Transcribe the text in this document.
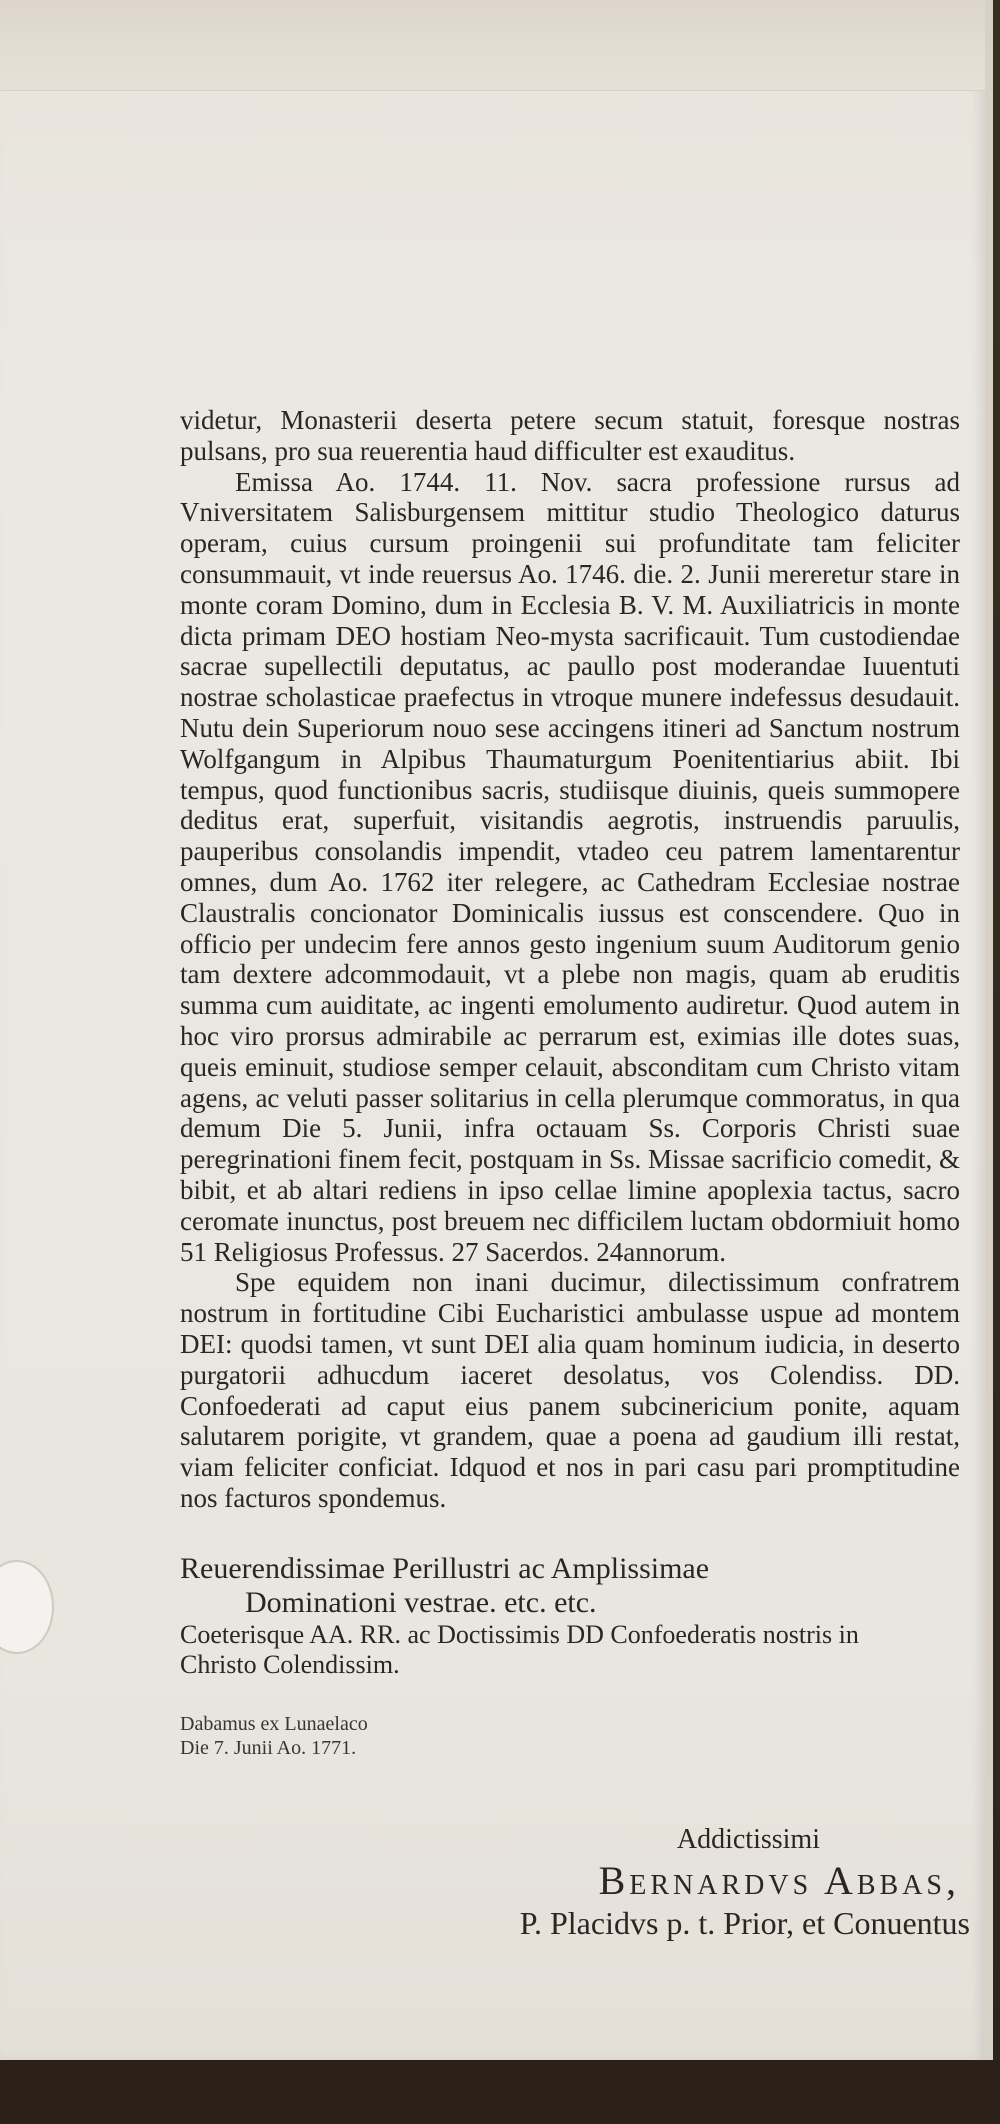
videtur, Monasterii deserta petere secum statuit, foresque nostras pulsans, pro sua reuerentia haud difficulter est exauditus.

Emissa Ao. 1744. 11. Nov. sacra professione rursus ad Vniversitatem Salisburgensem mittitur studio Theologico daturus operam, cuius cursum proingenii sui profunditate tam feliciter consummauit, vt inde reuersus Ao. 1746. die. 2. Junii mereretur stare in monte coram Domino, dum in Ecclesia B. V. M. Auxiliatricis in monte dicta primam DEO hostiam Neo-mysta sacrificauit. Tum custodiendae sacrae supellectili deputatus, ac paullo post moderandae Iuuentuti nostrae scholasticae praefectus in vtroque munere indefessus desudauit. Nutu dein Superiorum nouo sese accingens itineri ad Sanctum nostrum Wolfgangum in Alpibus Thaumaturgum Poenitentiarius abiit. Ibi tempus, quod functionibus sacris, studiisque diuinis, queis summopere deditus erat, superfuit, visitandis aegrotis, instruendis paruulis, pauperibus consolandis impendit, vtadeo ceu patrem lamentarentur omnes, dum Ao. 1762 iter relegere, ac Cathedram Ecclesiae nostrae Claustralis concionator Dominicalis iussus est conscendere. Quo in officio per undecim fere annos gesto ingenium suum Auditorum genio tam dextere adcommodauit, vt a plebe non magis, quam ab eruditis summa cum auiditate, ac ingenti emolumento audiretur. Quod autem in hoc viro prorsus admirabile ac perrarum est, eximias ille dotes suas, queis eminuit, studiose semper celauit, absconditam cum Christo vitam agens, ac veluti passer solitarius in cella plerumque commoratus, in qua demum Die 5. Junii, infra octauam Ss. Corporis Christi suae peregrinationi finem fecit, postquam in Ss. Missae sacrificio comedit, & bibit, et ab altari rediens in ipso cellae limine apoplexia tactus, sacro ceromate inunctus, post breuem nec difficilem luctam obdormiuit homo 51 Religiosus Professus. 27 Sacerdos. 24annorum.

Spe equidem non inani ducimur, dilectissimum confratrem nostrum in fortitudine Cibi Eucharistici ambulasse uspue ad montem DEI: quodsi tamen, vt sunt DEI alia quam hominum iudicia, in deserto purgatorii adhucdum iaceret desolatus, vos Colendiss. DD. Confoederati ad caput eius panem subcinericium ponite, aquam salutarem porigite, vt grandem, quae a poena ad gaudium illi restat, viam feliciter conficiat. Idquod et nos in pari casu pari promptitudine nos facturos spondemus.

Reuerendissimae Perillustri ac Amplissimae
Dominationi vestrae. etc. etc.
Coeterisque AA. RR. ac Doctissimis DD Confoederatis nostris in Christo Colendissim.
Dabamus ex Lunaelaco
Die 7. Junii Ao. 1771.
Addictissimi
Bernardvs Abbas,
P. Placidvs p. t. Prior, et Conuentus
